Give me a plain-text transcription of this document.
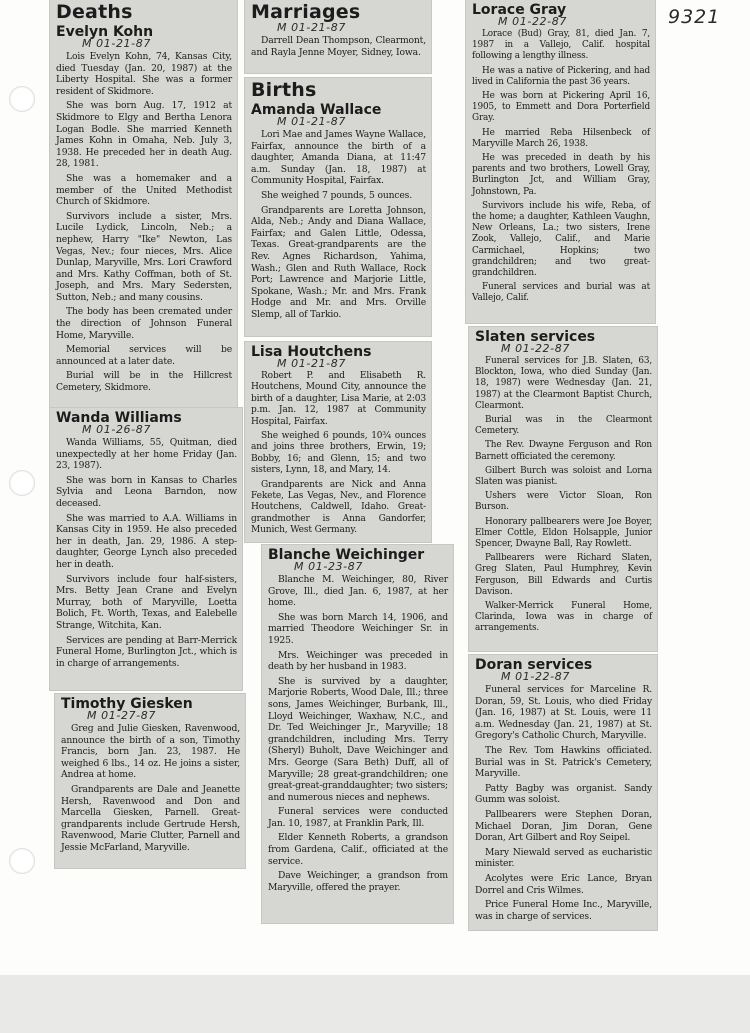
9321
Deaths
Evelyn Kohn
M 01-21-87

Lois Evelyn Kohn, 74, Kansas City, died Tuesday (Jan. 20, 1987) at the Liberty Hospital. She was a former resident of Skidmore.

She was born Aug. 17, 1912 at Skidmore to Elgy and Bertha Lenora Logan Bodle. She married Kenneth James Kohn in Omaha, Neb. July 3, 1938. He preceded her in death Aug. 28, 1981.

She was a homemaker and a member of the United Methodist Church of Skidmore.

Survivors include a sister, Mrs. Lucile Lydick, Lincoln, Neb.; a nephew, Harry "Ike" Newton, Las Vegas, Nev.; four nieces, Mrs. Alice Dunlap, Maryville, Mrs. Lori Crawford and Mrs. Kathy Coffman, both of St. Joseph, and Mrs. Mary Sedersten, Sutton, Neb.; and many cousins.

The body has been cremated under the direction of Johnson Funeral Home, Maryville.

Memorial services will be announced at a later date.

Burial will be in the Hillcrest Cemetery, Skidmore.

Wanda Williams
M 01-26-87

Wanda Williams, 55, Quitman, died unexpectedly at her home Friday (Jan. 23, 1987).

She was born in Kansas to Charles Sylvia and Leona Barndon, now deceased.

She was married to A.A. Williams in Kansas City in 1959. He also preceded her in death, Jan. 29, 1986. A step-daughter, George Lynch also preceded her in death.

Survivors include four half-sisters, Mrs. Betty Jean Crane and Evelyn Murray, both of Maryville, Loetta Bolich, Ft. Worth, Texas, and Ealebelle Strange, Witchita, Kan.

Services are pending at Barr-Merrick Funeral Home, Burlington Jct., which is in charge of arrangements.

Timothy Giesken
M 01-27-87

Greg and Julie Giesken, Ravenwood, announce the birth of a son, Timothy Francis, born Jan. 23, 1987. He weighed 6 lbs., 14 oz. He joins a sister, Andrea at home.

Grandparents are Dale and Jeanette Hersh, Ravenwood and Don and Marcella Giesken, Parnell. Great-grandparents include Gertrude Hersh, Ravenwood, Marie Clutter, Parnell and Jessie McFarland, Maryville.

Marriages
M 01-21-87

Darrell Dean Thompson, Clearmont, and Rayla Jenne Moyer, Sidney, Iowa.

Births
Amanda Wallace
M 01-21-87

Lori Mae and James Wayne Wallace, Fairfax, announce the birth of a daughter, Amanda Diana, at 11:47 a.m. Sunday (Jan. 18, 1987) at Community Hospital, Fairfax.

She weighed 7 pounds, 5 ounces.

Grandparents are Loretta Johnson, Alda, Neb.; Andy and Diana Wallace, Fairfax; and Galen Little, Odessa, Texas. Great-grandparents are the Rev. Agnes Richardson, Yahima, Wash.; Glen and Ruth Wallace, Rock Port; Lawrence and Marjorie Little, Spokane, Wash.; Mr. and Mrs. Frank Hodge and Mr. and Mrs. Orville Slemp, all of Tarkio.

Lisa Houtchens
M 01-21-87

Robert P. and Elisabeth R. Houtchens, Mound City, announce the birth of a daughter, Lisa Marie, at 2:03 p.m. Jan. 12, 1987 at Community Hospital, Fairfax.

She weighed 6 pounds, 10¾ ounces and joins three brothers, Erwin, 19; Bobby, 16; and Glenn, 15; and two sisters, Lynn, 18, and Mary, 14.

Grandparents are Nick and Anna Fekete, Las Vegas, Nev., and Florence Houtchens, Caldwell, Idaho. Great-grandmother is Anna Gandorfer, Munich, West Germany.

Blanche Weichinger
M 01-23-87

Blanche M. Weichinger, 80, River Grove, Ill., died Jan. 6, 1987, at her home.

She was born March 14, 1906, and married Theodore Weichinger Sr. in 1925.

Mrs. Weichinger was preceded in death by her husband in 1983.

She is survived by a daughter, Marjorie Roberts, Wood Dale, Ill.; three sons, James Weichinger, Burbank, Ill., Lloyd Weichinger, Waxhaw, N.C., and Dr. Ted Weichinger Jr., Maryville; 18 grandchildren, including Mrs. Terry (Sheryl) Buholt, Dave Weichinger and Mrs. George (Sara Beth) Duff, all of Maryville; 28 great-grandchildren; one great-great-granddaughter; two sisters; and numerous nieces and nephews.

Funeral services were conducted Jan. 10, 1987, at Franklin Park, Ill.

Elder Kenneth Roberts, a grandson from Gardena, Calif., officiated at the service.

Dave Weichinger, a grandson from Maryville, offered the prayer.

Lorace Gray
M 01-22-87

Lorace (Bud) Gray, 81, died Jan. 7, 1987 in a Vallejo, Calif. hospital following a lengthy illness.

He was a native of Pickering, and had lived in California the past 36 years.

He was born at Pickering April 16, 1905, to Emmett and Dora Porterfield Gray.

He married Reba Hilsenbeck of Maryville March 26, 1938.

He was preceded in death by his parents and two brothers, Lowell Gray, Burlington Jct, and William Gray, Johnstown, Pa.

Survivors include his wife, Reba, of the home; a daughter, Kathleen Vaughn, New Orleans, La.; two sisters, Irene Zook, Vallejo, Calif., and Marie Carmichael, Hopkins; two grandchildren; and two great-grandchildren.

Funeral services and burial was at Vallejo, Calif.

Slaten services
M 01-22-87

Funeral services for J.B. Slaten, 63, Blockton, Iowa, who died Sunday (Jan. 18, 1987) were Wednesday (Jan. 21, 1987) at the Clearmont Baptist Church, Clearmont.

Burial was in the Clearmont Cemetery.

The Rev. Dwayne Ferguson and Ron Barnett officiated the ceremony.

Gilbert Burch was soloist and Lorna Slaten was pianist.

Ushers were Victor Sloan, Ron Burson.

Honorary pallbearers were Joe Boyer, Elmer Cottle, Eldon Holsapple, Junior Spencer, Dwayne Ball, Ray Rowlett.

Pallbearers were Richard Slaten, Greg Slaten, Paul Humphrey, Kevin Ferguson, Bill Edwards and Curtis Davison.

Walker-Merrick Funeral Home, Clarinda, Iowa was in charge of arrangements.

Doran services
M 01-22-87

Funeral services for Marceline R. Doran, 59, St. Louis, who died Friday (Jan. 16, 1987) at St. Louis, were 11 a.m. Wednesday (Jan. 21, 1987) at St. Gregory's Catholic Church, Maryville.

The Rev. Tom Hawkins officiated. Burial was in St. Patrick's Cemetery, Maryville.

Patty Bagby was organist. Sandy Gumm was soloist.

Pallbearers were Stephen Doran, Michael Doran, Jim Doran, Gene Doran, Art Gilbert and Roy Seipel.

Mary Niewald served as eucharistic minister.

Acolytes were Eric Lance, Bryan Dorrel and Cris Wilmes.

Price Funeral Home Inc., Maryville, was in charge of services.
